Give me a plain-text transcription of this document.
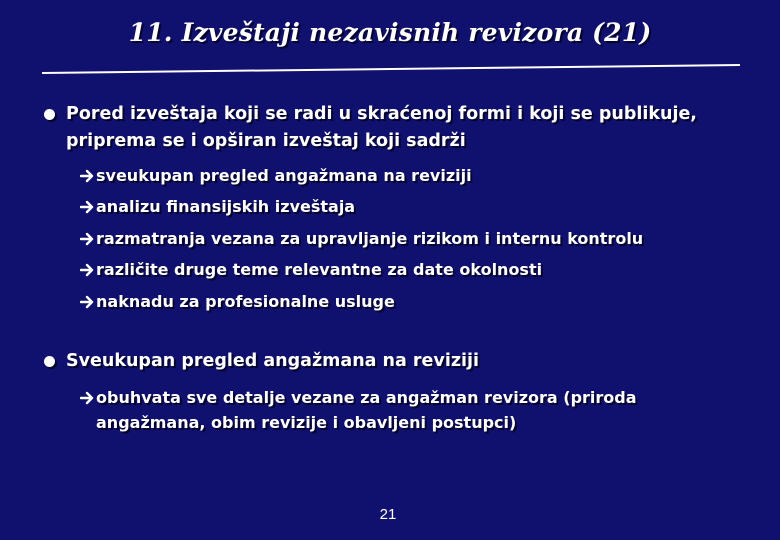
11. Izveštaji nezavisnih revizora (21)
Pored izveštaja koji se radi u skraćenoj formi i koji se publikuje, priprema se i opširan izveštaj koji sadrži
sveukupan pregled angažmana na reviziji
analizu finansijskih izveštaja
razmatranja vezana za upravljanje rizikom i internu kontrolu
različite druge teme relevantne za date okolnosti
naknadu za profesionalne usluge
Sveukupan pregled angažmana na reviziji
obuhvata sve detalje vezane za angažman revizora (priroda angažmana, obim revizije i obavljeni postupci)
21
